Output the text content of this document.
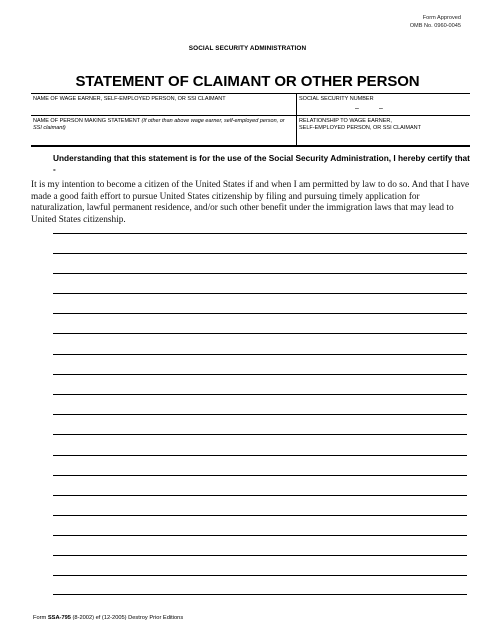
Form Approved
OMB No. 0960-0045
SOCIAL SECURITY ADMINISTRATION
STATEMENT OF CLAIMANT OR OTHER PERSON
NAME OF WAGE EARNER, SELF-EMPLOYED PERSON, OR SSI CLAIMANT	SOCIAL SECURITY NUMBER
–	–
NAME OF PERSON MAKING STATEMENT (If other than above wage earner, self-employed person, or SSI claimant)
RELATIONSHIP TO WAGE EARNER,
SELF-EMPLOYED PERSON, OR SSI CLAIMANT
Understanding that this statement is for the use of the Social Security Administration, I hereby certify that -
It is my intention to become a citizen of the United States if and when I am permitted by law to do so. And that I have made a good faith effort to pursue United States citizenship by filing and pursuing timely application for naturalization, lawful permanent residence, and/or such other benefit under the immigration laws that may lead to United States citizenship.
Form SSA-795 (8-2002) ef (12-2005) Destroy Prior Editions
